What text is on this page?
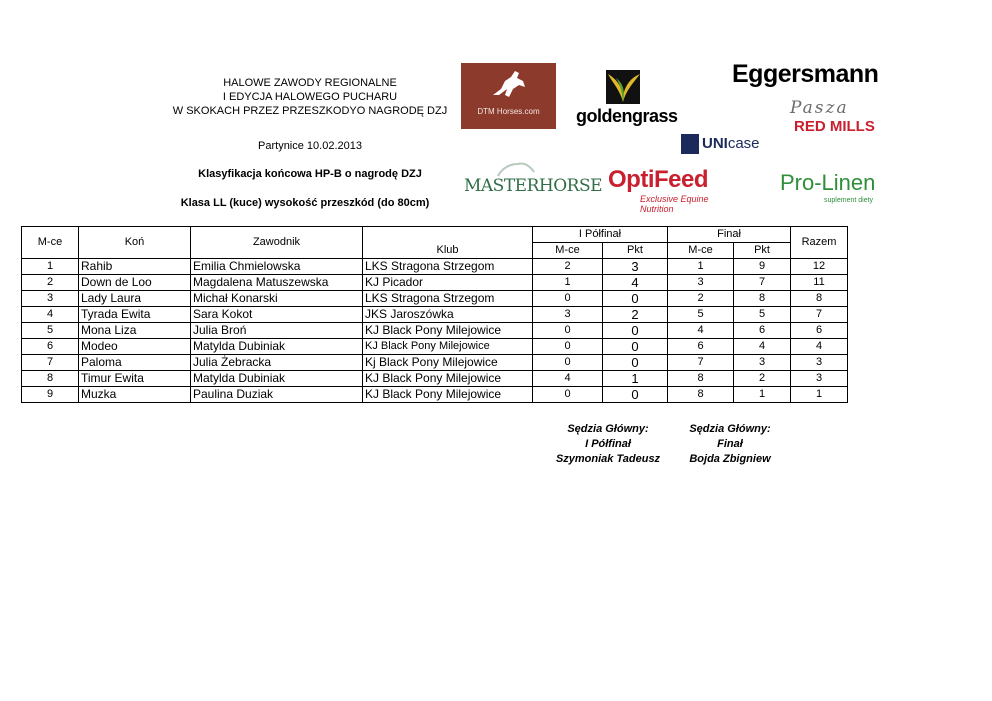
HALOWE ZAWODY REGIONALNE
I EDYCJA HALOWEGO PUCHARU
W SKOKACH PRZEZ PRZESZKODYO NAGRODĘ DZJ
Partynice 10.02.2013
Klasyfikacja końcowa HP-B o nagrodę DZJ
Klasa LL (kuce) wysokość przeszkód (do 80cm)
DTM Horses.com	goldengrass
Eggersmann
Pasza
RED MILLS
UNIcase
MASTERHORSE OptiFeed
Exclusive Equine Nutrition
Pro-Linen
suplement diety
M-ce	Koń	Zawodnik	Klub	I Półfinał		Finał		Razem
				M-ce	Pkt	M-ce	Pkt	
1	Rahib	Emilia Chmielowska	LKS Stragona Strzegom	2	3	1	9	12
2	Down de Loo	Magdalena Matuszewska	KJ Picador	1	4	3	7	11
3	Lady Laura	Michał Konarski	LKS Stragona Strzegom	0	0	2	8	8
4	Tyrada Ewita	Sara Kokot	JKS Jaroszówka	3	2	5	5	7
5	Mona Liza	Julia Broń	KJ Black Pony Milejowice	0	0	4	6	6
6	Modeo	Matylda Dubiniak	KJ Black Pony Milejowice	0	0	6	4	4
7	Paloma	Julia Żebracka	Kj Black Pony Milejowice	0	0	7	3	3
8	Timur Ewita	Matylda Dubiniak	KJ Black Pony Milejowice	4	1	8	2	3
9	Muzka	Paulina Duziak	KJ Black Pony Milejowice	0	0	8	1	1
Sędzia Główny:
I Półfinał
Szymoniak Tadeusz
Sędzia Główny:
Finał
Bojda Zbigniew
